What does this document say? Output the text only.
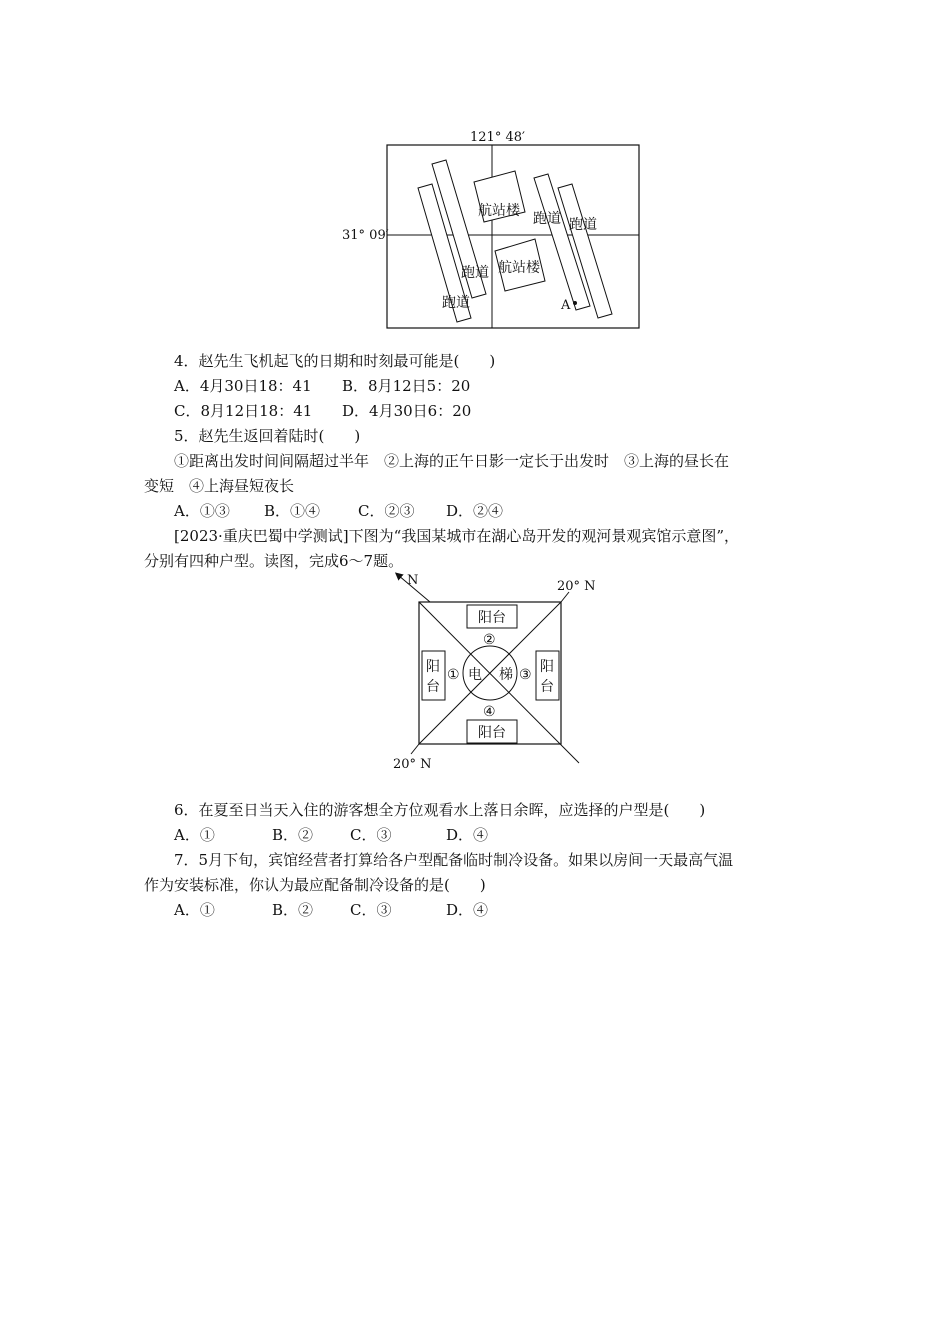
121° 48′
31° 09′
航站楼
航站楼
跑道 跑道
跑道
跑道	A
4．赵先生飞机起飞的日期和时刻最可能是(　　)
A．4月30日18：41 B．8月12日5：20
C．8月12日18：41 D．4月30日6：20
5．赵先生返回着陆时(　　)
①距离出发时间间隔超过半年　②上海的正午日影一定长于出发时　③上海的昼长在
变短　④上海昼短夜长
A．①③ B．①④	C．②③ D．②④
[2023·重庆巴蜀中学测试]下图为“我国某城市在湖心岛开发的观河景观宾馆示意图”，
分别有四种户型。读图，完成6～7题。
N	20° N
20° N
阳台
阳台
阳
台
阳
台
电 梯
①
②
③
④
6．在夏至日当天入住的游客想全方位观看水上落日余晖，应选择的户型是(　　)
A．①	B．② C．③	D．④
7．5月下旬，宾馆经营者打算给各户型配备临时制冷设备。如果以房间一天最高气温
作为安装标准，你认为最应配备制冷设备的是(　　)
A．①	B．② C．③	D．④
